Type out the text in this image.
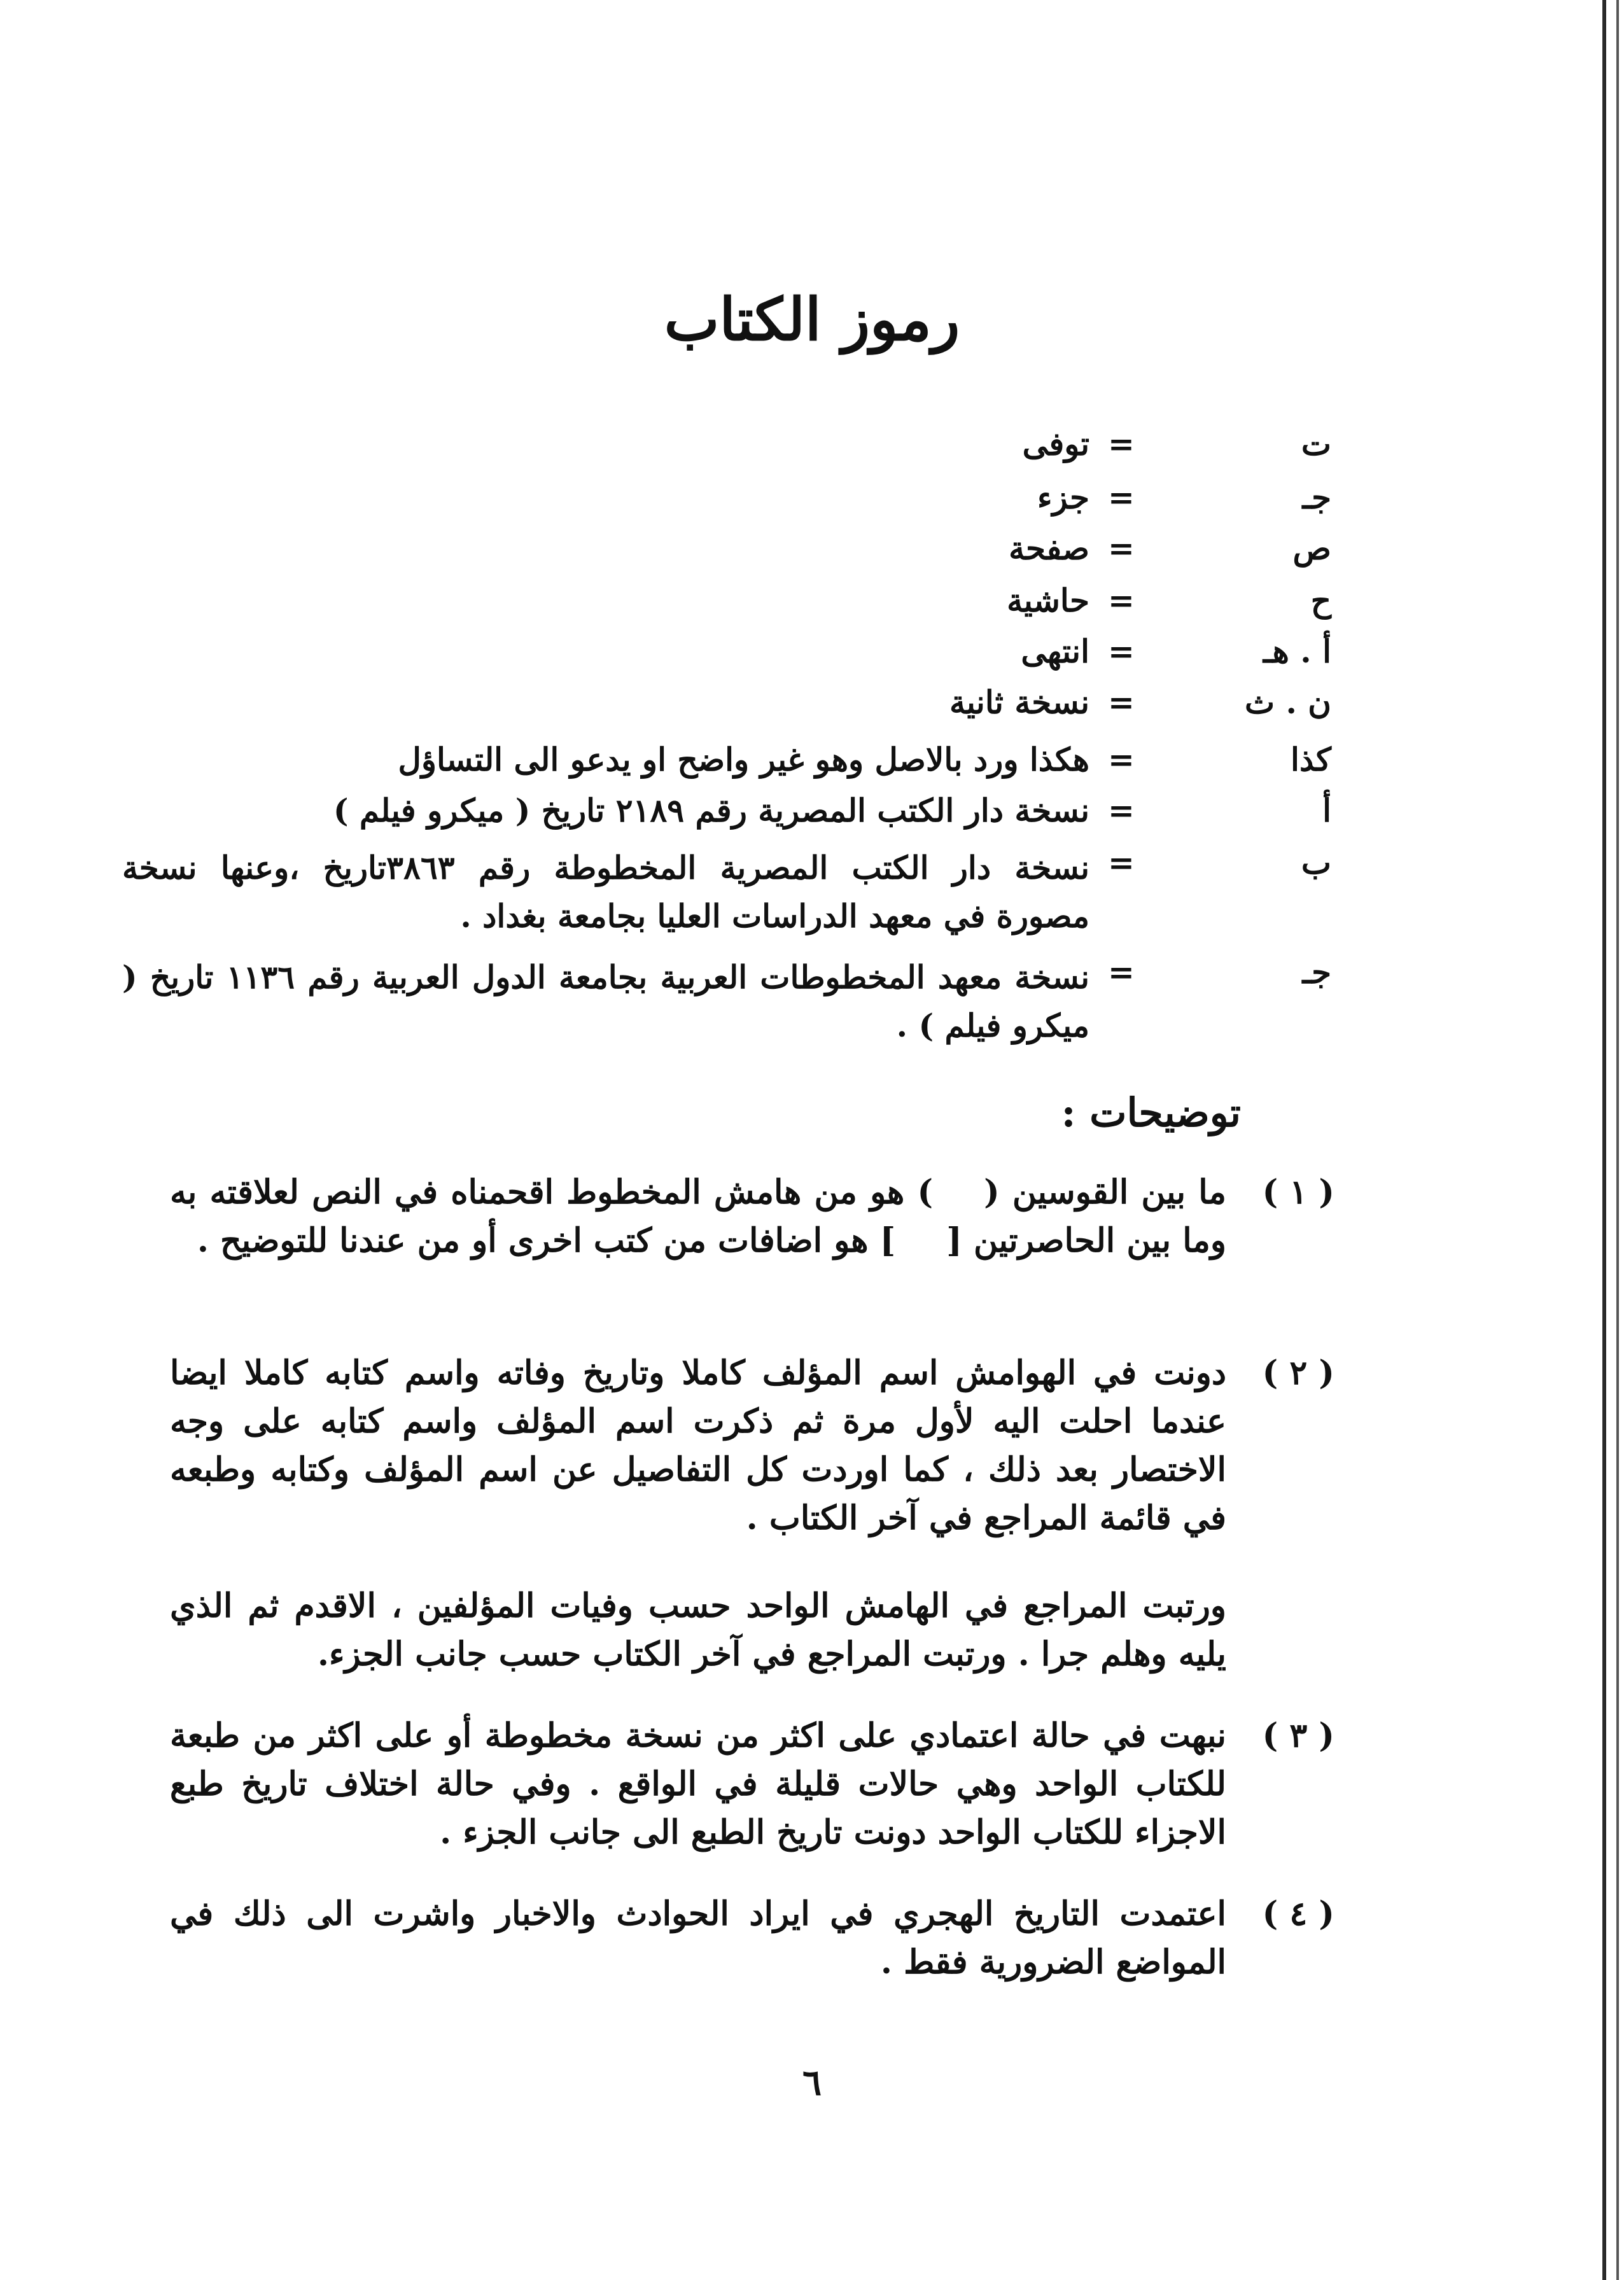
رموز الكتاب
ت
=
توفى
جـ
=
جزء
ص
=
صفحة
ح
=
حاشية
أ . هـ
=
انتهى
ن . ث
=
نسخة ثانية
كذا
=
هكذا ورد بالاصل وهو غير واضح او يدعو الى التساؤل
أ
=
نسخة دار الكتب المصرية رقم ٢١٨٩ تاريخ ( ميكرو فيلم )
ب
=
نسخة دار الكتب المصرية المخطوطة رقم ٣٨٦٣تاريخ ،وعنها نسخة مصورة في معهد الدراسات العليا بجامعة بغداد .
جـ
=
نسخة معهد المخطوطات العربية بجامعة الدول العربية رقم ١١٣٦ تاريخ ( ميكرو فيلم ) .
توضيحات :
( ١ )
ما بين القوسين () هو من هامش المخطوط اقحمناه في النص لعلاقته به وما بين الحاصرتين [] هو اضافات من كتب اخرى أو من عندنا للتوضيح .
( ٢ )
دونت في الهوامش اسم المؤلف كاملا وتاريخ وفاته واسم كتابه كاملا ايضا عندما احلت اليه لأول مرة ثم ذكرت اسم المؤلف واسم كتابه على وجه الاختصار بعد ذلك ، كما اوردت كل التفاصيل عن اسم المؤلف وكتابه وطبعه في قائمة المراجع في آخر الكتاب .
ورتبت المراجع في الهامش الواحد حسب وفيات المؤلفين ، الاقدم ثم الذي يليه وهلم جرا . ورتبت المراجع في آخر الكتاب حسب جانب الجزء.
( ٣ )
نبهت في حالة اعتمادي على اكثر من نسخة مخطوطة أو على اكثر من طبعة للكتاب الواحد وهي حالات قليلة في الواقع . وفي حالة اختلاف تاريخ طبع الاجزاء للكتاب الواحد دونت تاريخ الطبع الى جانب الجزء .
( ٤ )
اعتمدت التاريخ الهجري في ايراد الحوادث والاخبار واشرت الى ذلك في المواضع الضرورية فقط .
٦
